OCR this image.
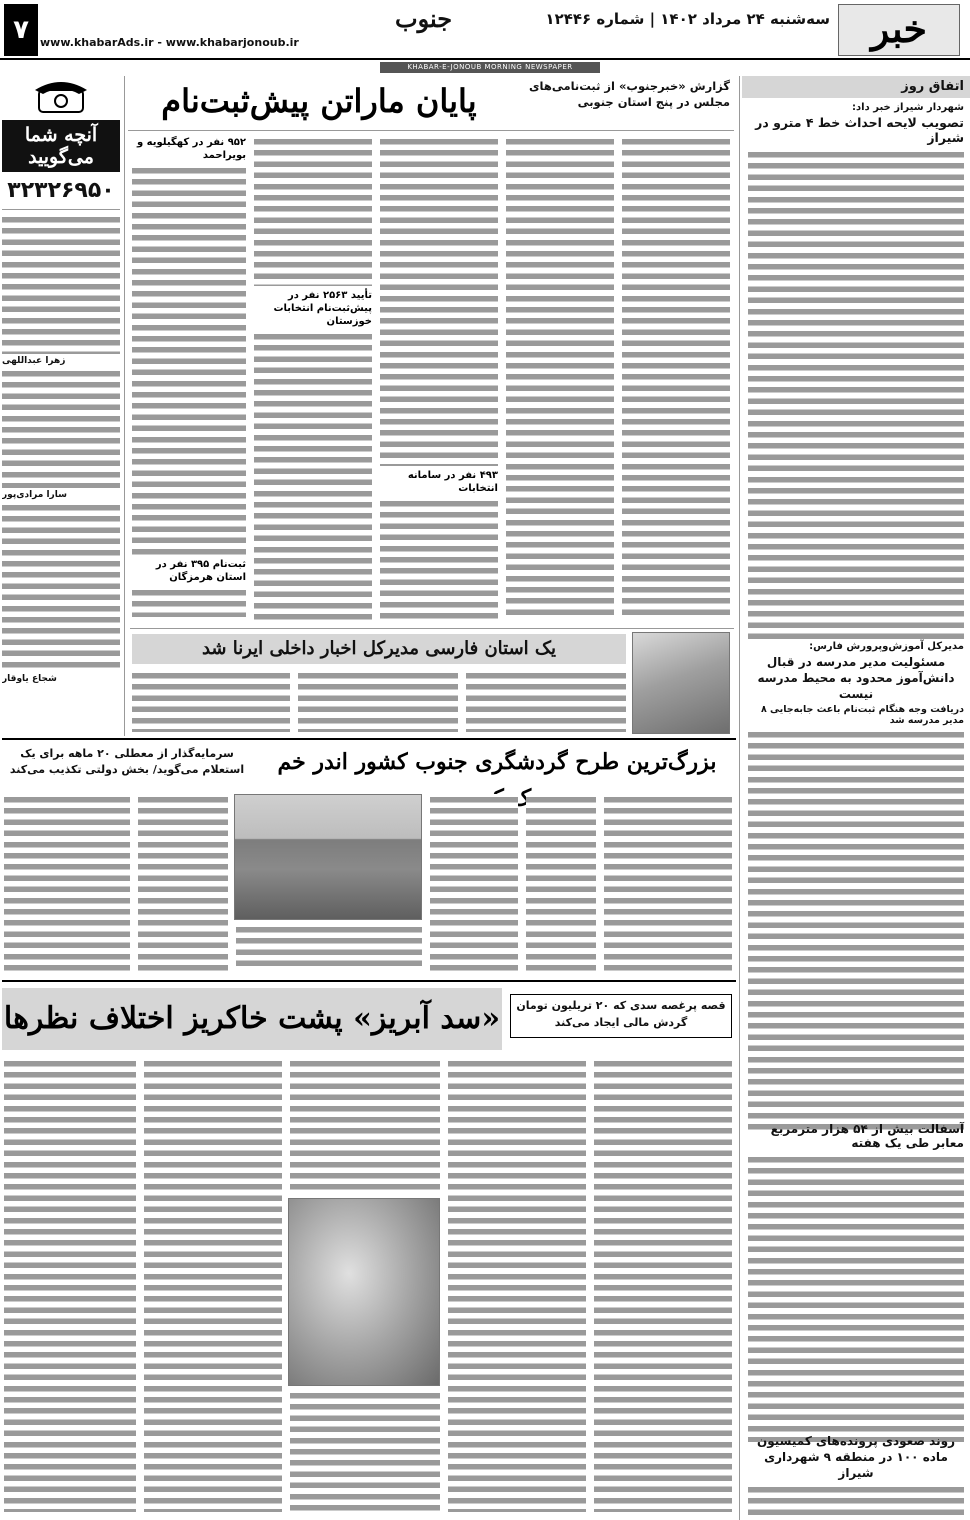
خبر
سه‌شنبه ۲۴ مرداد ۱۴۰۲ | شماره ۱۲۴۴۶
جنوب
www.khabarAds.ir - www.khabarjonoub.ir
۷
KHABAR-E-JONOUB MORNING NEWSPAPER
اتفاق روز
شهردار شیراز خبر داد:
تصویب لایحه احداث خط ۴ مترو در شیراز
مدیرکل آموزش‌وپرورش فارس:
مسئولیت مدیر مدرسه در قبال دانش‌آموز محدود به محیط مدرسه نیست
دریافت وجه هنگام ثبت‌نام باعث جابه‌جایی ۸ مدیر مدرسه شد
آسفالت بیش از ۵۴ هزار مترمربع معابر طی یک هفته
روند صعودی پرونده‌های کمیسیون ماده ۱۰۰ در منطقه ۹ شهرداری شیراز
گزارش «خبرجنوب» از ثبت‌نامی‌های مجلس در پنج استان جنوبی
پایان ماراتن پیش‌ثبت‌نام
۴۹۳ نفر در سامانه انتخابات
تأیید ۲۵۶۳ نفر در پیش‌ثبت‌نام انتخابات خوزستان
۹۵۲ نفر در کهگیلویه و بویراحمد
ثبت‌نام ۳۹۵ نفر در استان هرمزگان
آنچه شما
می‌گویید
۳۲۳۲۶۹۵۰
زهرا عبداللهی
سارا مرادی‌پور
شجاع یاوقار
یک استان فارسی مدیرکل اخبار داخلی ایرنا شد
بزرگ‌ترین طرح گردشگری جنوب کشور اندر خم یک
سرمایه‌گذار از معطلی ۲۰ ماهه برای یک استعلام می‌گوید/ بخش دولتی تکذیب می‌کند
قصه پرغصه سدی که ۲۰ تریلیون تومان گردش مالی ایجاد می‌کند
«سد آبریز» پشت خاکریز اختلاف نظرها
